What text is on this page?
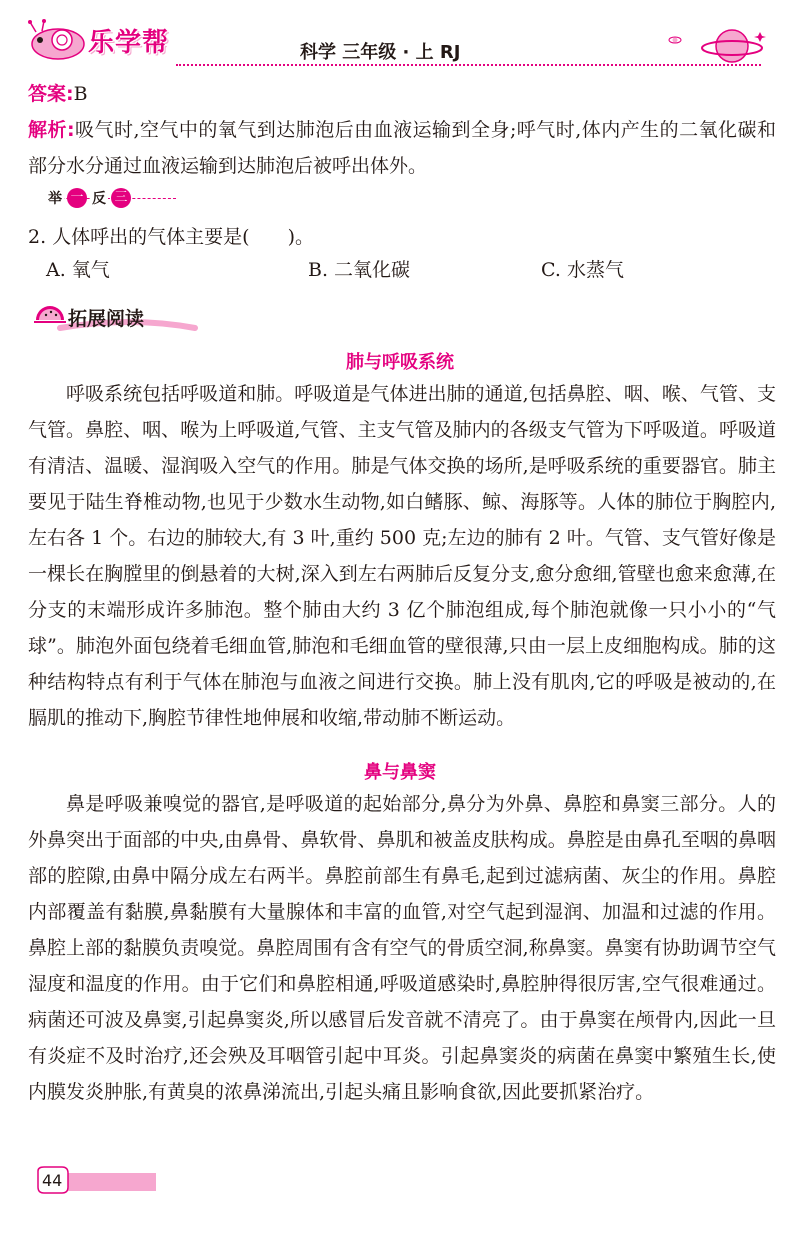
乐学帮	科学 三年级 · 上 RJ
答案:B
解析:吸气时,空气中的氧气到达肺泡后由血液运输到全身;呼气时,体内产生的二氧化碳和部分水分通过血液运输到达肺泡后被呼出体外。
举 一 反 三
2. 人体呼出的气体主要是(　　)。
A. 氧气	B. 二氧化碳	C. 水蒸气
拓展阅读
肺与呼吸系统
呼吸系统包括呼吸道和肺。呼吸道是气体进出肺的通道,包括鼻腔、咽、喉、气管、支气管。鼻腔、咽、喉为上呼吸道,气管、主支气管及肺内的各级支气管为下呼吸道。呼吸道有清洁、温暖、湿润吸入空气的作用。肺是气体交换的场所,是呼吸系统的重要器官。肺主要见于陆生脊椎动物,也见于少数水生动物,如白鳍豚、鲸、海豚等。人体的肺位于胸腔内,左右各 1 个。右边的肺较大,有 3 叶,重约 500 克;左边的肺有 2 叶。气管、支气管好像是一棵长在胸膛里的倒悬着的大树,深入到左右两肺后反复分支,愈分愈细,管壁也愈来愈薄,在分支的末端形成许多肺泡。整个肺由大约 3 亿个肺泡组成,每个肺泡就像一只小小的“气球”。肺泡外面包绕着毛细血管,肺泡和毛细血管的壁很薄,只由一层上皮细胞构成。肺的这种结构特点有利于气体在肺泡与血液之间进行交换。肺上没有肌肉,它的呼吸是被动的,在膈肌的推动下,胸腔节律性地伸展和收缩,带动肺不断运动。
鼻与鼻窦
鼻是呼吸兼嗅觉的器官,是呼吸道的起始部分,鼻分为外鼻、鼻腔和鼻窦三部分。人的外鼻突出于面部的中央,由鼻骨、鼻软骨、鼻肌和被盖皮肤构成。鼻腔是由鼻孔至咽的鼻咽部的腔隙,由鼻中隔分成左右两半。鼻腔前部生有鼻毛,起到过滤病菌、灰尘的作用。鼻腔内部覆盖有黏膜,鼻黏膜有大量腺体和丰富的血管,对空气起到湿润、加温和过滤的作用。鼻腔上部的黏膜负责嗅觉。鼻腔周围有含有空气的骨质空洞,称鼻窦。鼻窦有协助调节空气湿度和温度的作用。由于它们和鼻腔相通,呼吸道感染时,鼻腔肿得很厉害,空气很难通过。病菌还可波及鼻窦,引起鼻窦炎,所以感冒后发音就不清亮了。由于鼻窦在颅骨内,因此一旦有炎症不及时治疗,还会殃及耳咽管引起中耳炎。引起鼻窦炎的病菌在鼻窦中繁殖生长,使内膜发炎肿胀,有黄臭的浓鼻涕流出,引起头痛且影响食欲,因此要抓紧治疗。
44
